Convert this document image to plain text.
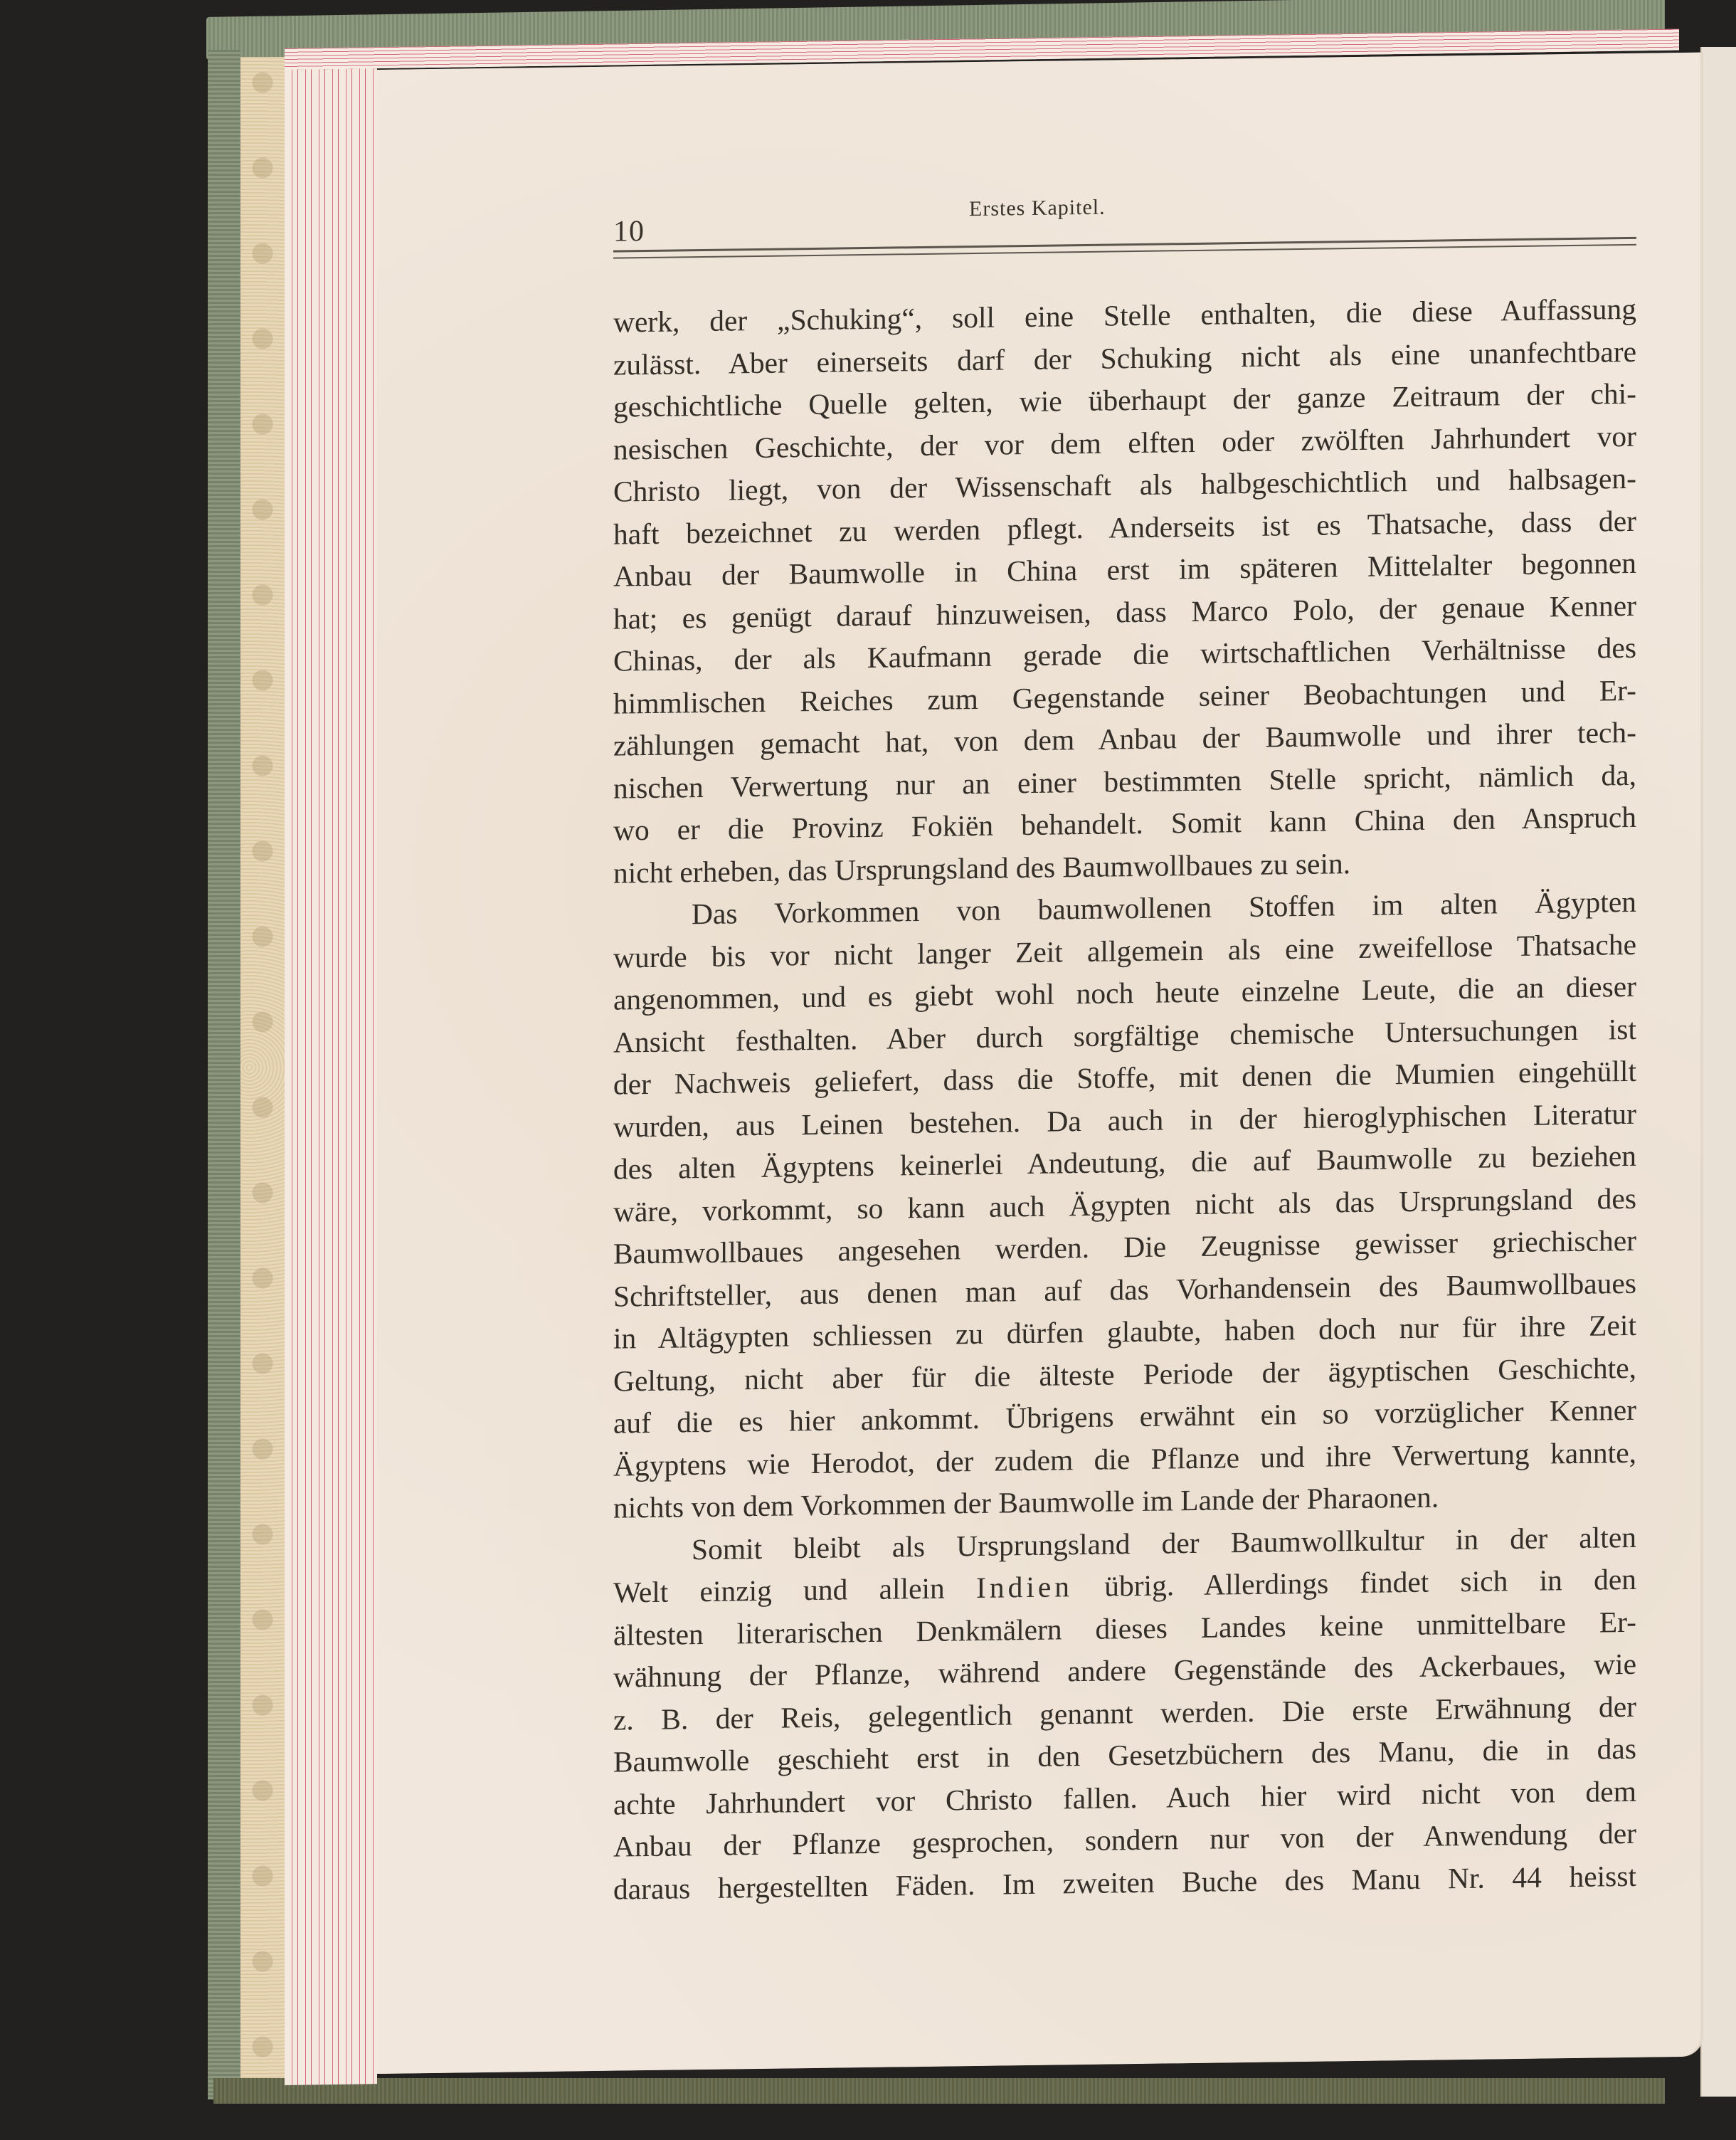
10
Erstes Kapitel.
werk, der „Schuking“, soll eine Stelle enthalten, die diese Auffassung
zulässt. Aber einerseits darf der Schuking nicht als eine unanfechtbare
geschichtliche Quelle gelten, wie überhaupt der ganze Zeitraum der chi-
nesischen Geschichte, der vor dem elften oder zwölften Jahrhundert vor
Christo liegt, von der Wissenschaft als halbgeschichtlich und halbsagen-
haft bezeichnet zu werden pflegt. Anderseits ist es Thatsache, dass der
Anbau der Baumwolle in China erst im späteren Mittelalter begonnen
hat; es genügt darauf hinzuweisen, dass Marco Polo, der genaue Kenner
Chinas, der als Kaufmann gerade die wirtschaftlichen Verhältnisse des
himmlischen Reiches zum Gegenstande seiner Beobachtungen und Er-
zählungen gemacht hat, von dem Anbau der Baumwolle und ihrer tech-
nischen Verwertung nur an einer bestimmten Stelle spricht, nämlich da,
wo er die Provinz Fokiën behandelt. Somit kann China den Anspruch
nicht erheben, das Ursprungsland des Baumwollbaues zu sein.
Das Vorkommen von baumwollenen Stoffen im alten Ägypten
wurde bis vor nicht langer Zeit allgemein als eine zweifellose Thatsache
angenommen, und es giebt wohl noch heute einzelne Leute, die an dieser
Ansicht festhalten. Aber durch sorgfältige chemische Untersuchungen ist
der Nachweis geliefert, dass die Stoffe, mit denen die Mumien eingehüllt
wurden, aus Leinen bestehen. Da auch in der hieroglyphischen Literatur
des alten Ägyptens keinerlei Andeutung, die auf Baumwolle zu beziehen
wäre, vorkommt, so kann auch Ägypten nicht als das Ursprungsland des
Baumwollbaues angesehen werden. Die Zeugnisse gewisser griechischer
Schriftsteller, aus denen man auf das Vorhandensein des Baumwollbaues
in Altägypten schliessen zu dürfen glaubte, haben doch nur für ihre Zeit
Geltung, nicht aber für die älteste Periode der ägyptischen Geschichte,
auf die es hier ankommt. Übrigens erwähnt ein so vorzüglicher Kenner
Ägyptens wie Herodot, der zudem die Pflanze und ihre Verwertung kannte,
nichts von dem Vorkommen der Baumwolle im Lande der Pharaonen.
Somit bleibt als Ursprungsland der Baumwollkultur in der alten
Welt einzig und allein Indien übrig. Allerdings findet sich in den
ältesten literarischen Denkmälern dieses Landes keine unmittelbare Er-
wähnung der Pflanze, während andere Gegenstände des Ackerbaues, wie
z. B. der Reis, gelegentlich genannt werden. Die erste Erwähnung der
Baumwolle geschieht erst in den Gesetzbüchern des Manu, die in das
achte Jahrhundert vor Christo fallen. Auch hier wird nicht von dem
Anbau der Pflanze gesprochen, sondern nur von der Anwendung der
daraus hergestellten Fäden. Im zweiten Buche des Manu Nr. 44 heisst
